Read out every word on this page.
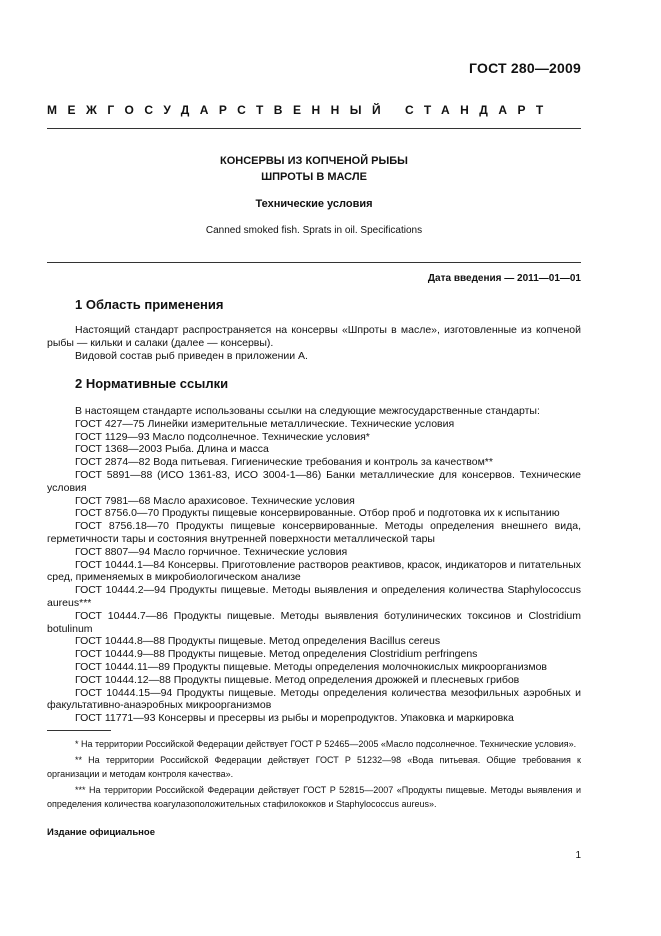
ГОСТ 280—2009
МЕЖГОСУДАРСТВЕННЫЙ СТАНДАРТ
КОНСЕРВЫ ИЗ КОПЧЕНОЙ РЫБЫ
ШПРОТЫ В МАСЛЕ
Технические условия
Canned smoked fish. Sprats in oil. Specifications
Дата введения — 2011—01—01
1 Область применения

Настоящий стандарт распространяется на консервы «Шпроты в масле», изготовленные из копченой рыбы — кильки и салаки (далее — консервы).

Видовой состав рыб приведен в приложении А.

2 Нормативные ссылки

В настоящем стандарте использованы ссылки на следующие межгосударственные стандарты:

ГОСТ 427—75 Линейки измерительные металлические. Технические условия

ГОСТ 1129—93 Масло подсолнечное. Технические условия*

ГОСТ 1368—2003 Рыба. Длина и масса

ГОСТ 2874—82 Вода питьевая. Гигиенические требования и контроль за качеством**

ГОСТ 5891—88 (ИСО 1361-83, ИСО 3004-1—86) Банки металлические для консервов. Технические условия

ГОСТ 7981—68 Масло арахисовое. Технические условия

ГОСТ 8756.0—70 Продукты пищевые консервированные. Отбор проб и подготовка их к испытанию

ГОСТ 8756.18—70 Продукты пищевые консервированные. Методы определения внешнего вида, герметичности тары и состояния внутренней поверхности металлической тары

ГОСТ 8807—94 Масло горчичное. Технические условия

ГОСТ 10444.1—84 Консервы. Приготовление растворов реактивов, красок, индикаторов и питательных сред, применяемых в микробиологическом анализе

ГОСТ 10444.2—94 Продукты пищевые. Методы выявления и определения количества Staphylococcus aureus***

ГОСТ 10444.7—86 Продукты пищевые. Методы выявления ботулинических токсинов и Clostridium botulinum

ГОСТ 10444.8—88 Продукты пищевые. Метод определения Bacillus cereus

ГОСТ 10444.9—88 Продукты пищевые. Метод определения Clostridium perfringens

ГОСТ 10444.11—89 Продукты пищевые. Методы определения молочнокислых микроорганизмов

ГОСТ 10444.12—88 Продукты пищевые. Метод определения дрожжей и плесневых грибов

ГОСТ 10444.15—94 Продукты пищевые. Методы определения количества мезофильных аэробных и факультативно-анаэробных микроорганизмов

ГОСТ 11771—93 Консервы и пресервы из рыбы и морепродуктов. Упаковка и маркировка

* На территории Российской Федерации действует ГОСТ Р 52465—2005 «Масло подсолнечное. Технические условия».

** На территории Российской Федерации действует ГОСТ Р 51232—98 «Вода питьевая. Общие требования к организации и методам контроля качества».

*** На территории Российской Федерации действует ГОСТ Р 52815—2007 «Продукты пищевые. Методы выявления и определения количества коагулазоположительных стафилококков и Staphylococcus aureus».

Издание официальное
1
